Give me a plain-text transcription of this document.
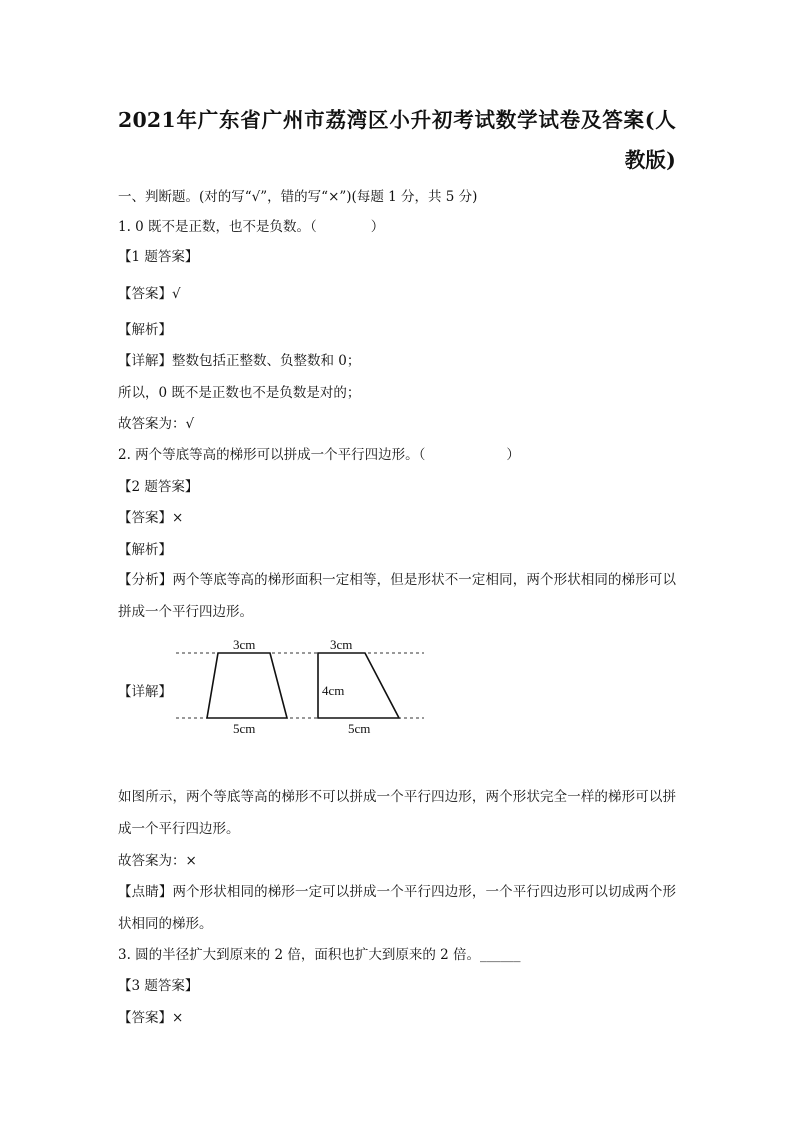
2021年广东省广州市荔湾区小升初考试数学试卷及答案(人
教版)
一、判断题。(对的写“√”，错的写“×”)(每题 1 分，共 5 分)
1. 0 既不是正数，也不是负数。（　　　　）
【1 题答案】
【答案】√
【解析】
【详解】整数包括正整数、负整数和 0；
所以，0 既不是正数也不是负数是对的；
故答案为：√
2. 两个等底等高的梯形可以拼成一个平行四边形。（　　　　　　）
【2 题答案】
【答案】×
【解析】
【分析】两个等底等高的梯形面积一定相等，但是形状不一定相同，两个形状相同的梯形可以拼成一个平行四边形。
【详解】
3cm	3cm
4cm
5cm	5cm
如图所示，两个等底等高的梯形不可以拼成一个平行四边形，两个形状完全一样的梯形可以拼成一个平行四边形。
故答案为：×
【点睛】两个形状相同的梯形一定可以拼成一个平行四边形，一个平行四边形可以切成两个形状相同的梯形。
3. 圆的半径扩大到原来的 2 倍，面积也扩大到原来的 2 倍。______
【3 题答案】
【答案】×
